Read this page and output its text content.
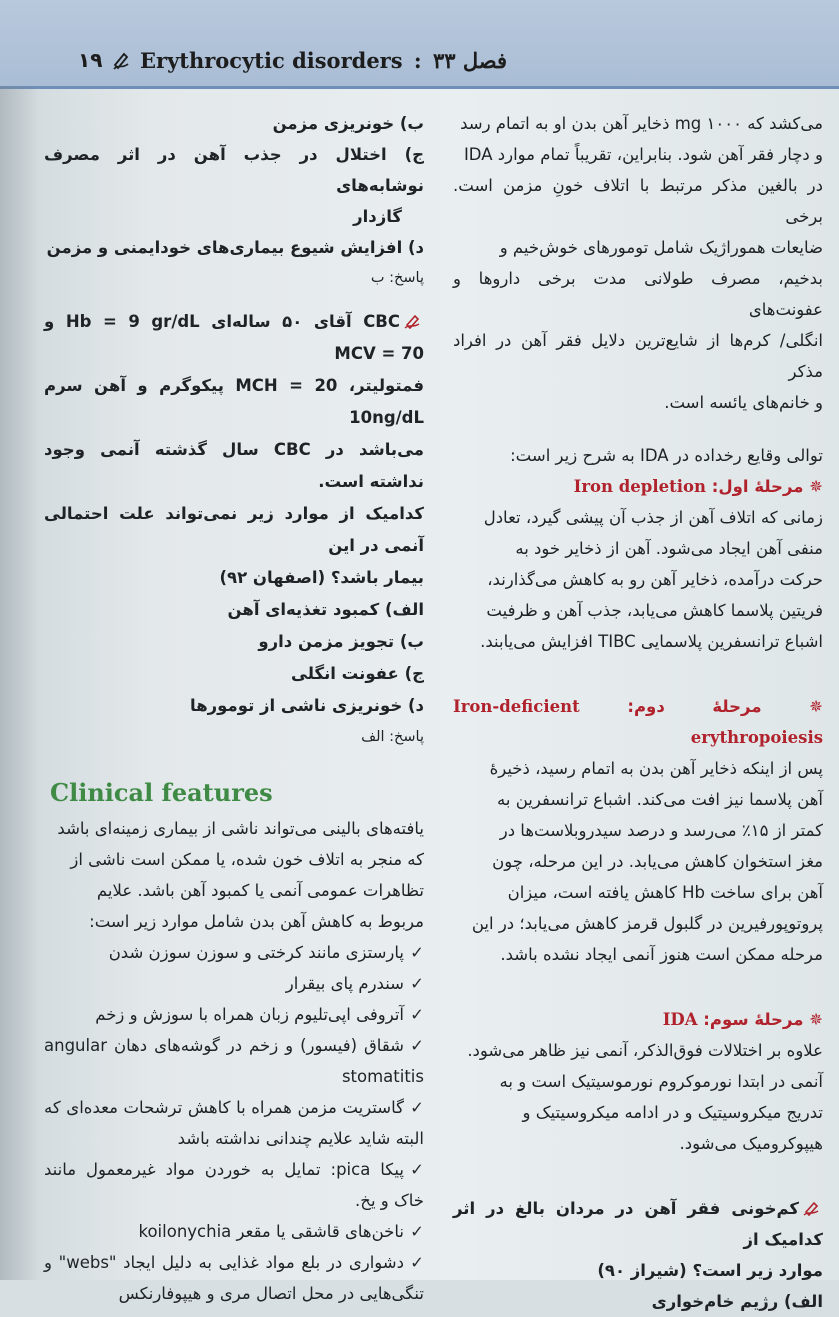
۱۹ Erythrocytic disorders : فصل ۳۳

می‌کشد که ۱۰۰۰ mg ذخایر آهن بدن او به اتمام رسد

و دچار فقر آهن شود. بنابراین، تقریباً تمام موارد IDA

در بالغین مذکر مرتبط با اتلاف خونِ مزمن است. برخی

ضایعات هموراژیک شامل تومورهای خوش‌خیم و

بدخیم، مصرف طولانی مدت برخی داروها و عفونت‌های

انگلی/ کرم‌ها از شایع‌ترین دلایل فقر آهن در افراد مذکر

و خانم‌های یائسه است.

توالی وقایع رخداده در IDA به شرح زیر است:

✵ مرحلهٔ اول: Iron depletion

زمانی که اتلاف آهن از جذب آن پیشی گیرد، تعادل

منفی آهن ایجاد می‌شود. آهن از ذخایر خود به

حرکت درآمده، ذخایر آهن رو به کاهش می‌گذارند،

فریتین پلاسما کاهش می‌یابد، جذب آهن و ظرفیت

اشباع ترانسفرین پلاسمایی TIBC افزایش می‌یابند.

✵ مرحلهٔ دوم: Iron-deficient erythropoiesis

پس از اینکه ذخایر آهن بدن به اتمام رسید، ذخیرهٔ

آهن پلاسما نیز افت می‌کند. اشباع ترانسفرین به

کمتر از ۱۵٪ می‌رسد و درصد سیدروبلاست‌ها در

مغز استخوان کاهش می‌یابد. در این مرحله، چون

آهن برای ساخت Hb کاهش یافته است، میزان

پروتوپورفیرین در گلبول قرمز کاهش می‌یابد؛ در این

مرحله ممکن است هنوز آنمی ایجاد نشده باشد.

✵ مرحلهٔ سوم: IDA

علاوه بر اختلالات فوق‌الذکر، آنمی نیز ظاهر می‌شود.

آنمی در ابتدا نورموکروم نورموسیتیک است و به

تدریج میکروسیتیک و در ادامه میکروسیتیک و

هیپوکرومیک می‌شود.

کم‌خونی فقر آهن در مردان بالغ در اثر کدامیک از

موارد زیر است؟ (شیراز ۹۰)

الف) رژیم خام‌خواری

ب) خونریزی مزمن

ج) اختلال در جذب آهن در اثر مصرف نوشابه‌های

گازدار

د) افزایش شیوع بیماری‌های خودایمنی و مزمن

پاسخ: ب

CBC آقای ۵۰ ساله‌ای Hb = 9 gr/dL و MCV = 70

فمتولیتر، MCH = 20 پیکوگرم و آهن سرم 10ng/dL

می‌باشد در CBC سال گذشته آنمی وجود نداشته است.

کدامیک از موارد زیر نمی‌تواند علت احتمالی آنمی در این

بیمار باشد؟ (اصفهان ۹۲)

الف) کمبود تغذیه‌ای آهن

ب) تجویز مزمن دارو

ج) عفونت انگلی

د) خونریزی ناشی از تومورها

پاسخ: الف

Clinical features

یافته‌های بالینی می‌تواند ناشی از بیماری زمینه‌ای باشد

که منجر به اتلاف خون شده، یا ممکن است ناشی از

تظاهرات عمومی آنمی یا کمبود آهن باشد. علایم

مربوط به کاهش آهن بدن شامل موارد زیر است:

✓پارستزی مانند کرختی و سوزن سوزن شدن

✓سندرم پای بیقرار

✓آتروفی اپی‌تلیوم زبان همراه با سوزش و زخم

✓شقاق (فیسور) و زخم در گوشه‌های دهان angular stomatitis

✓گاستریت مزمن همراه با کاهش ترشحات معده‌ای که البته شاید علایم چندانی نداشته باشد

✓پیکا pica: تمایل به خوردن مواد غیرمعمول مانند خاک و یخ.

✓ناخن‌های قاشقی یا مقعر koilonychia

✓دشواری در بلع مواد غذایی به دلیل ایجاد "webs" و تنگی‌هایی در محل اتصال مری و هیپوفارنکس
